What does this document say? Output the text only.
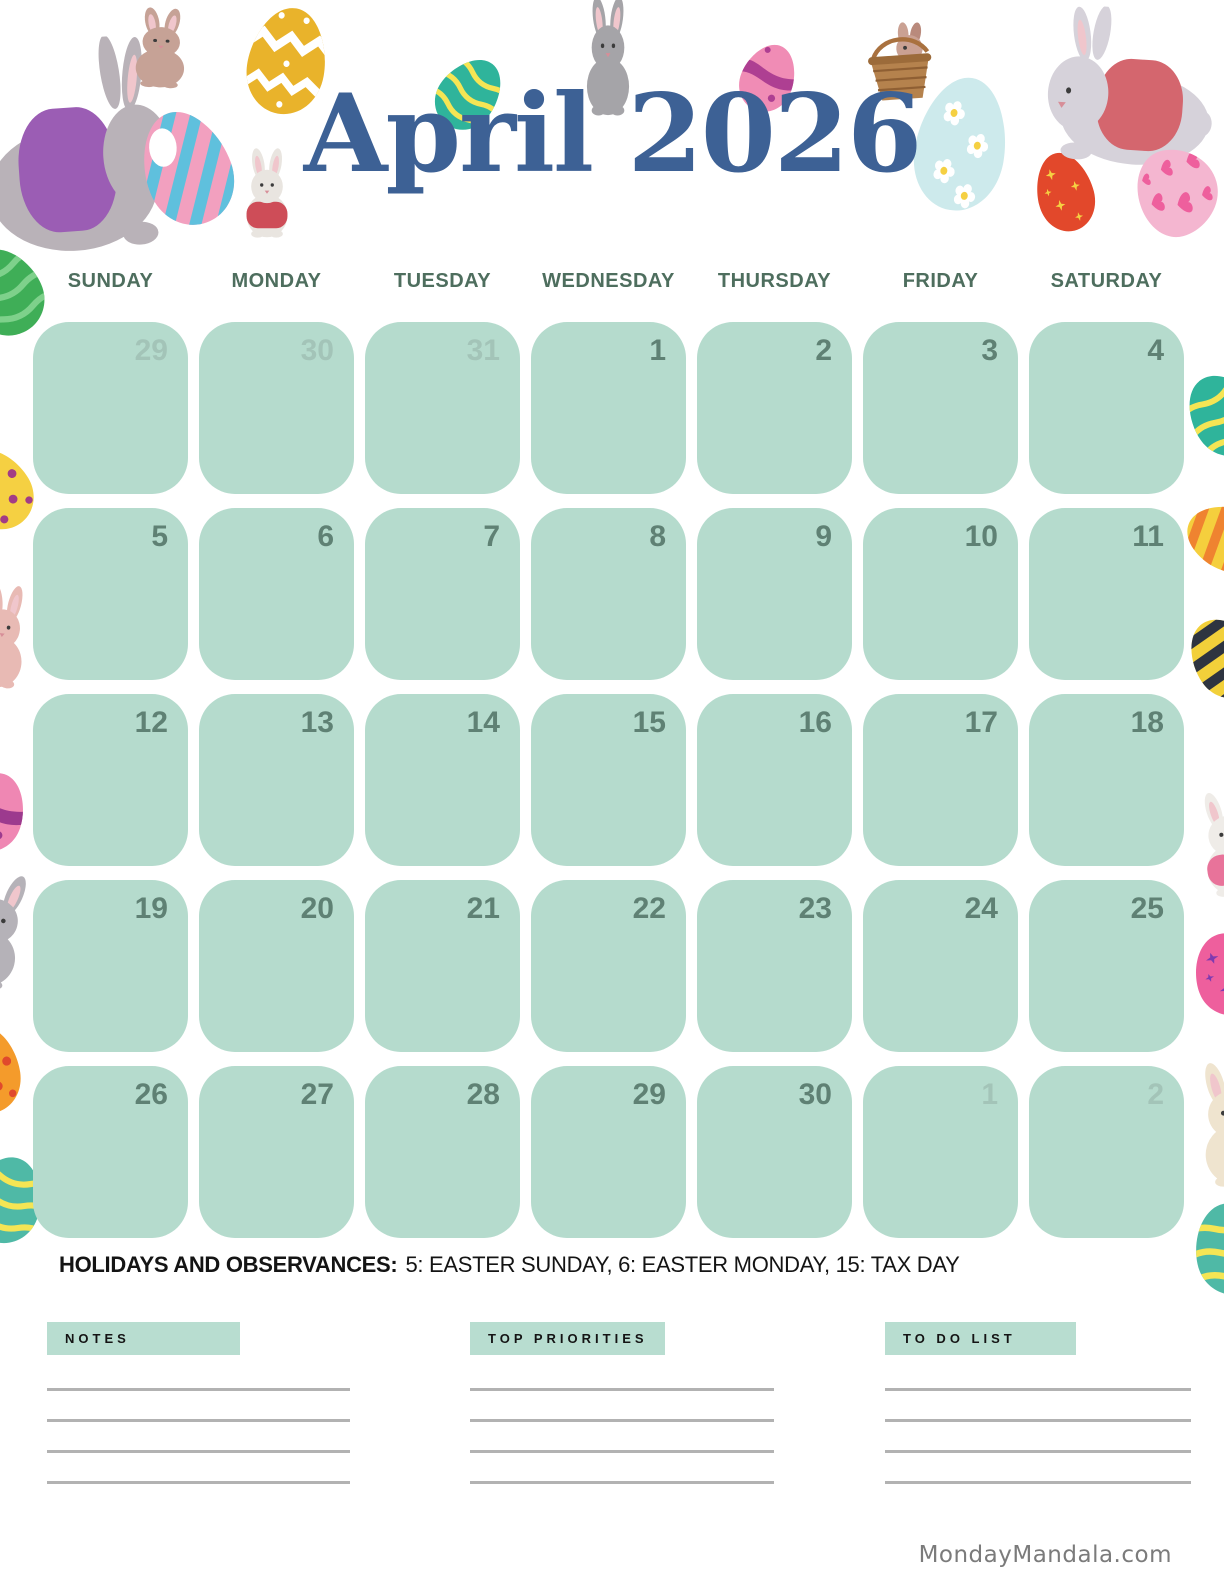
April 2026
SUNDAY	MONDAY	TUESDAY	WEDNESDAY	THURSDAY	FRIDAY	SATURDAY
29	30	31	1	2	3	4
5	6	7	8	9	10	11
12	13	14	15	16	17	18
19	20	21	22	23	24	25
26	27	28	29	30	1	2
HOLIDAYS AND OBSERVANCES: 5: EASTER SUNDAY, 6: EASTER MONDAY, 15: TAX DAY
NOTES	TOP PRIORITIES	TO DO LIST
MondayMandala.com
